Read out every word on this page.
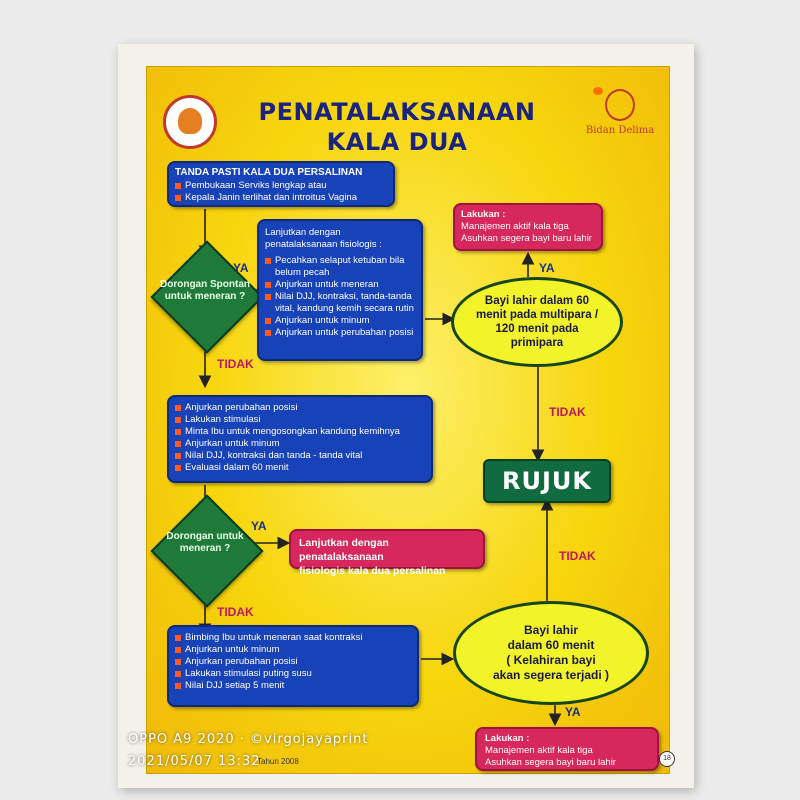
Bidan Delima
PENATALAKSANAAN
KALA DUA
TANDA PASTI KALA DUA PERSALINAN
Pembukaan Serviks lengkap atau
Kepala Janin terlihat dan introitus Vagina
Dorongan Spontan untuk meneran ?
YA
TIDAK
Lanjutkan dengan penatalaksanaan fisiologis :
Pecahkan selaput ketuban bila belum pecah
Anjurkan untuk meneran
Nilai DJJ, kontraksi, tanda-tanda vital, kandung kemih secara rutin
Anjurkan untuk minum
Anjurkan untuk perubahan posisi
Lakukan :
Manajemen aktif kala tiga
Asuhkan segera bayi baru lahir
YA
Bayi lahir dalam 60 menit pada multipara / 120 menit pada primipara
TIDAK
RUJUK
Anjurkan perubahan posisi
Lakukan stimulasi
Minta Ibu untuk mengosongkan kandung kemihnya
Anjurkan untuk minum
Nilai DJJ, kontraksi dan tanda - tanda vital
Evaluasi dalam 60 menit
Dorongan untuk meneran ?
YA
TIDAK
Lanjutkan dengan penatalaksanaan
fisiologis kala dua persalinan
TIDAK
Bimbing Ibu untuk meneran saat kontraksi
Anjurkan untuk minum
Anjurkan perubahan posisi
Lakukan stimulasi puting susu
Nilai DJJ setiap 5 menit
Bayi lahir
dalam 60 menit
( Kelahiran bayi
akan segera terjadi )
YA
Lakukan :
Manajemen aktif kala tiga
Asuhkan segera bayi baru lahir
Tahun 2008	18
OPPO A9 2020 · ©virgojayaprint
2021/05/07 13:32
